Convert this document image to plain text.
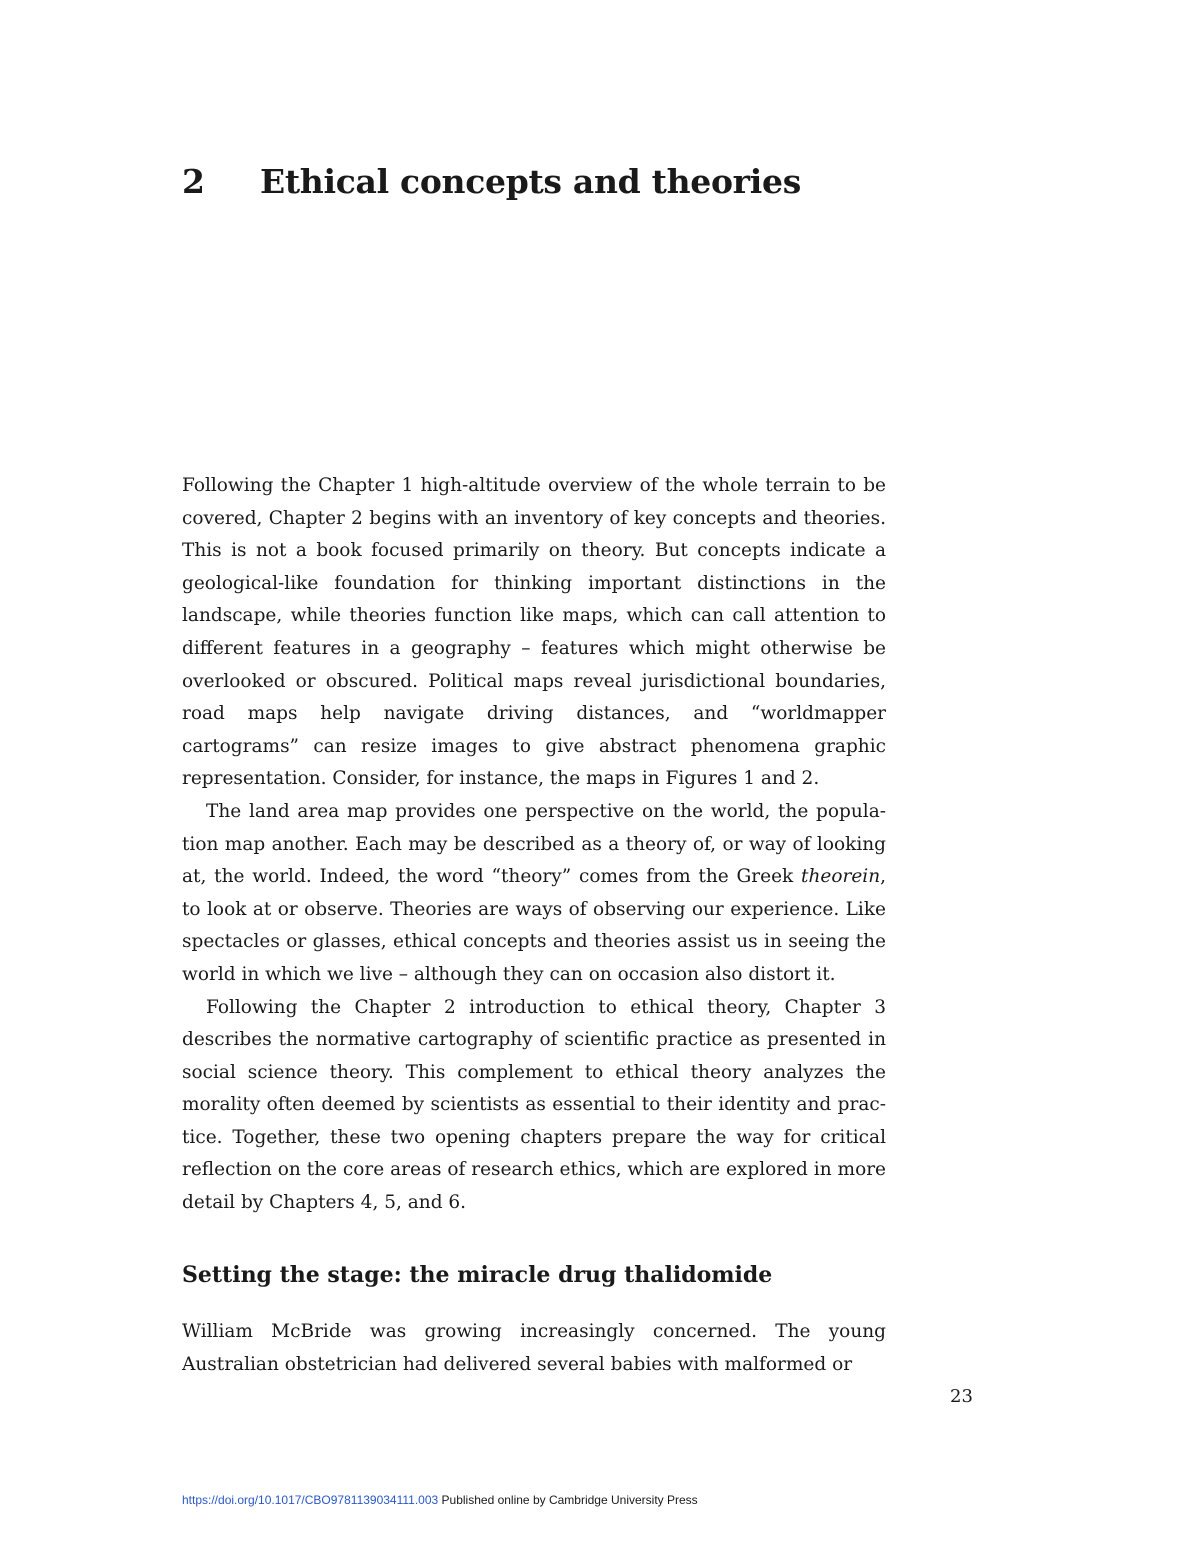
2 Ethical concepts and theories

Following the Chapter 1 high-altitude overview of the whole terrain to be covered, Chapter 2 begins with an inventory of key concepts and theories. This is not a book focused primarily on theory. But concepts indicate a geological-like foundation for thinking important distinctions in the landscape, while theories function like maps, which can call attention to different features in a geography – features which might otherwise be overlooked or obscured. Political maps reveal jurisdictional boundaries, road maps help navigate driving distances, and “worldmapper cartograms” can resize images to give abstract phenomena graphic representation. Consider, for instance, the maps in Figures 1 and 2.

The land area map provides one perspective on the world, the population map another. Each may be described as a theory of, or way of looking at, the world. Indeed, the word “theory” comes from the Greek theorein, to look at or observe. Theories are ways of observing our experience. Like spectacles or glasses, ethical concepts and theories assist us in seeing the world in which we live – although they can on occasion also distort it.

Following the Chapter 2 introduction to ethical theory, Chapter 3 describes the normative cartography of scientific practice as presented in social science theory. This complement to ethical theory analyzes the morality often deemed by scientists as essential to their identity and practice. Together, these two opening chapters prepare the way for critical reflection on the core areas of research ethics, which are explored in more detail by Chapters 4, 5, and 6.

Setting the stage: the miracle drug thalidomide

William McBride was growing increasingly concerned. The young Australian obstetrician had delivered several babies with malformed or

23
https://doi.org/10.1017/CBO9781139034111.003 Published online by Cambridge University Press
